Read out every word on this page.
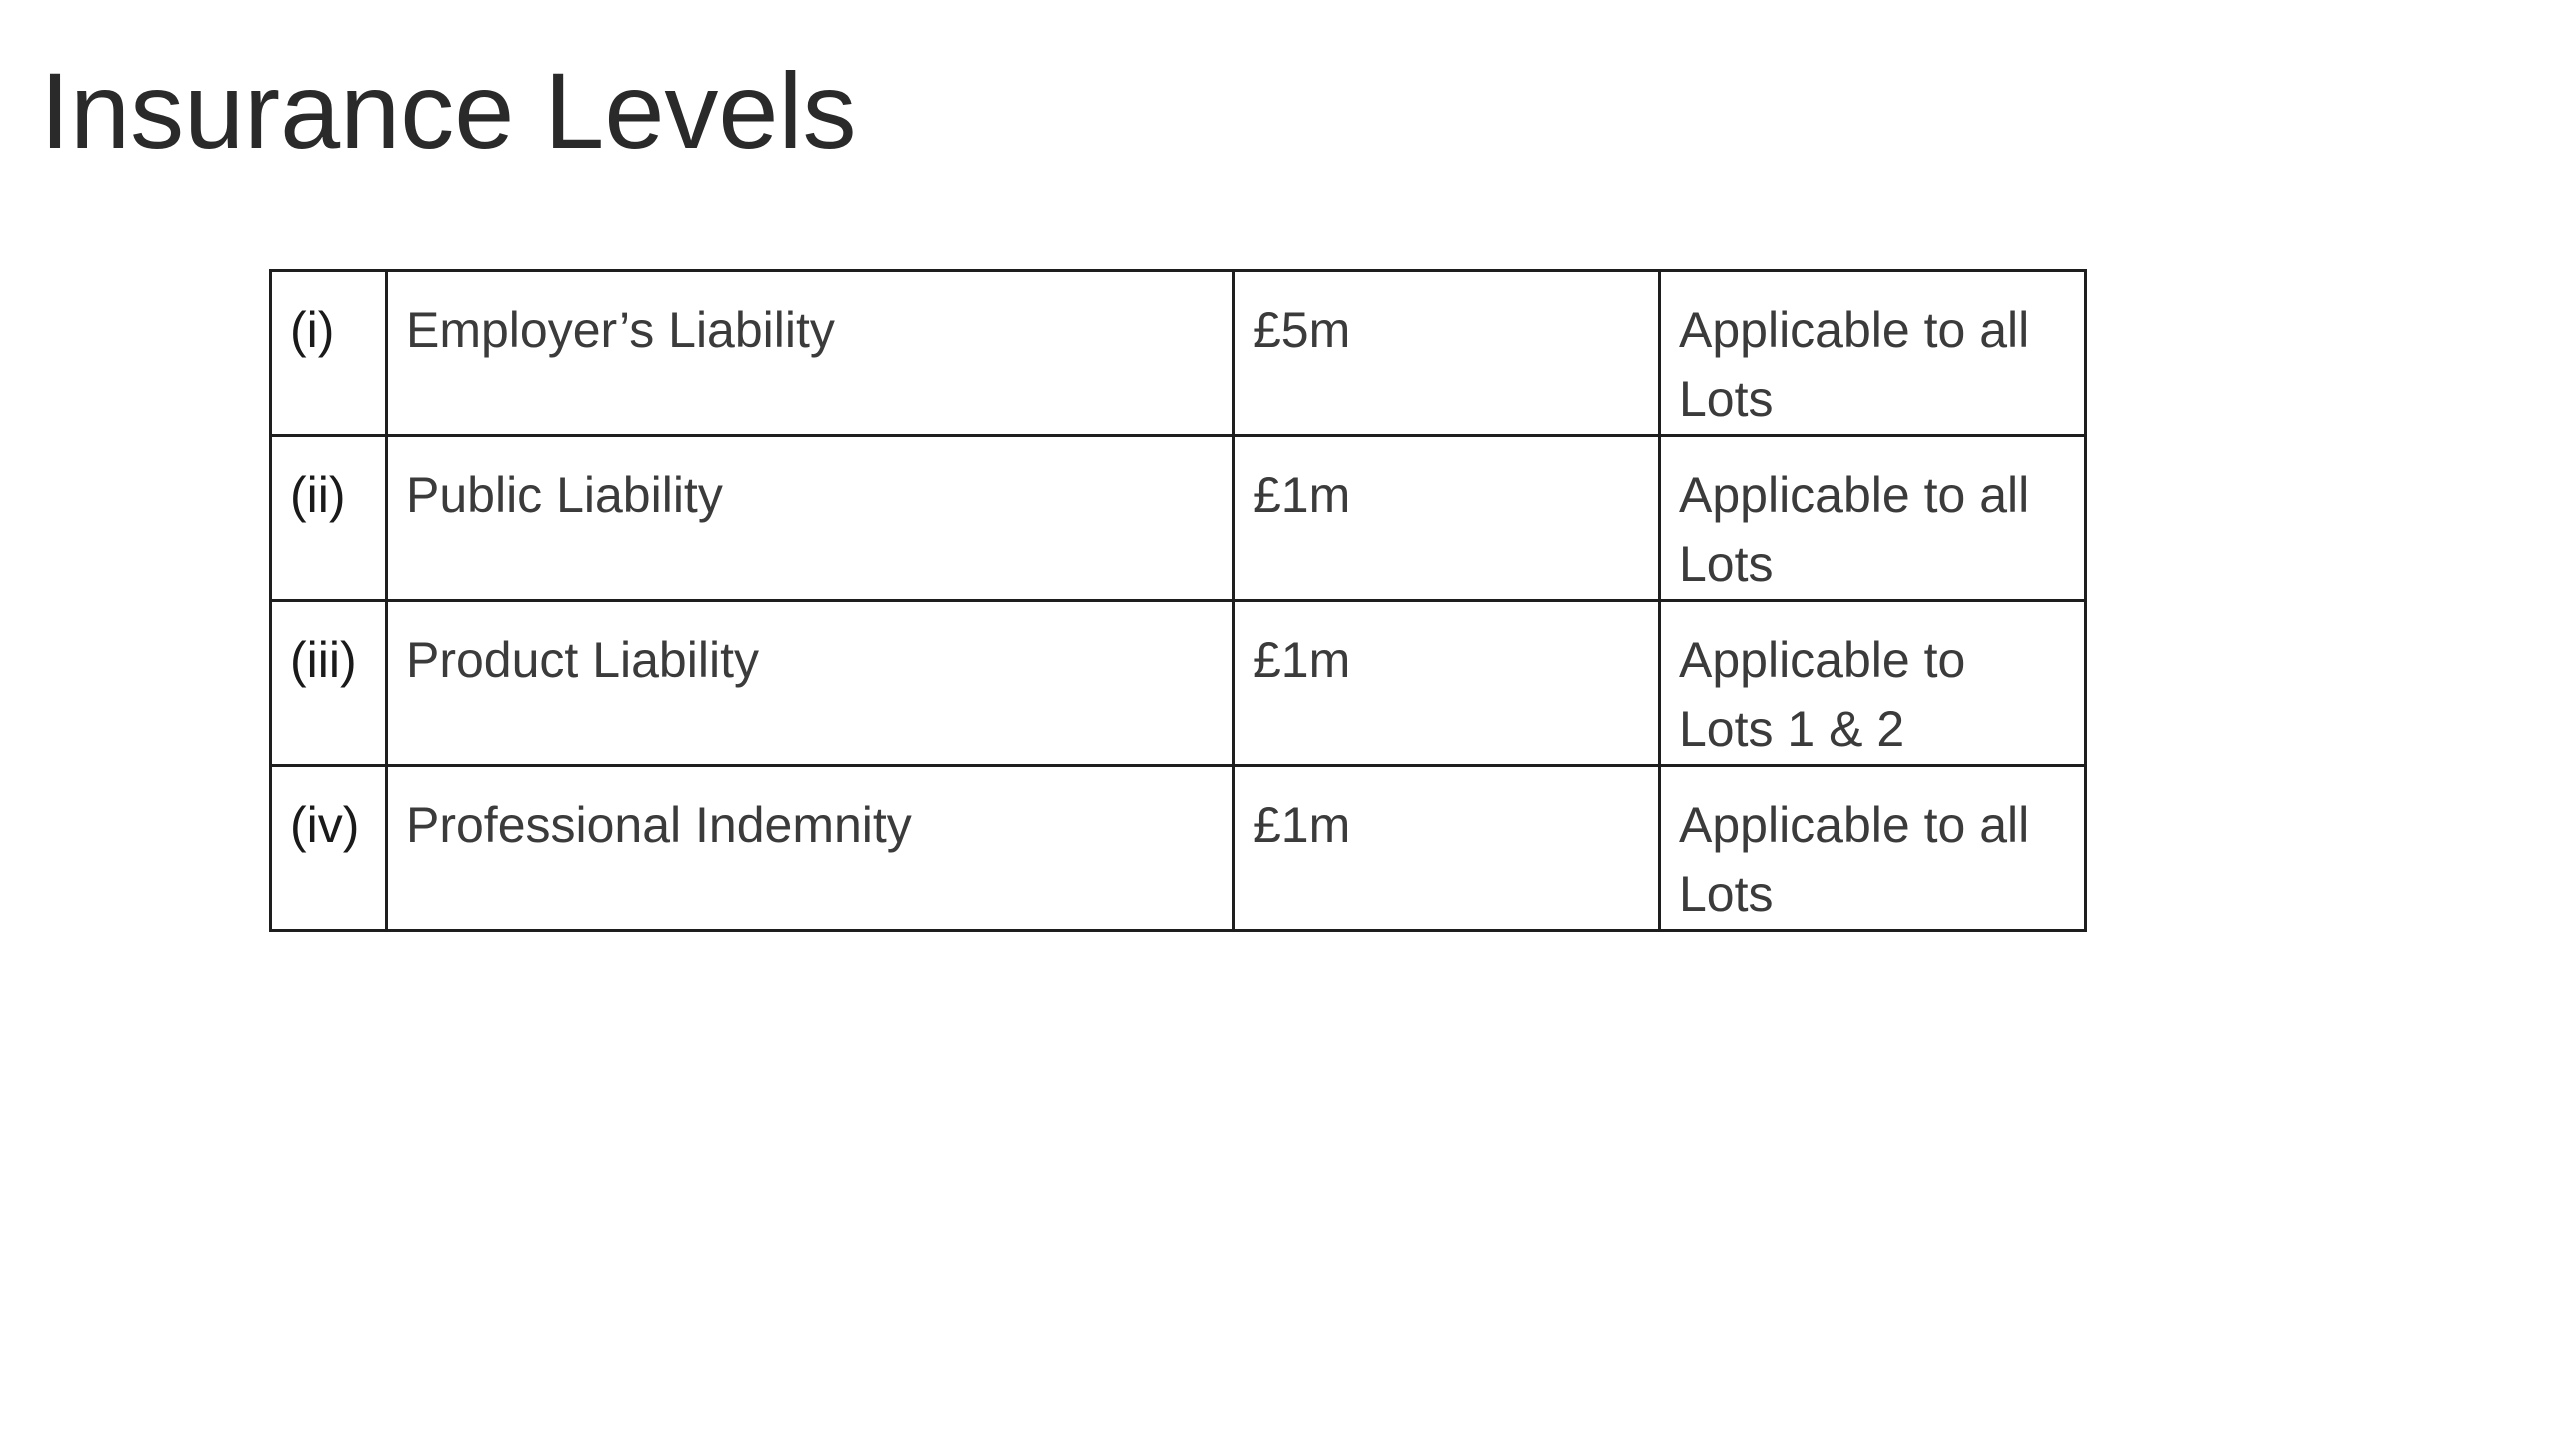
Insurance Levels
(i)	Employer’s Liability	£5m	Applicable to all Lots
(ii)	Public Liability	£1m	Applicable to all Lots
(iii)	Product Liability	£1m	Applicable to Lots 1 & 2
(iv)	Professional Indemnity	£1m	Applicable to all Lots
